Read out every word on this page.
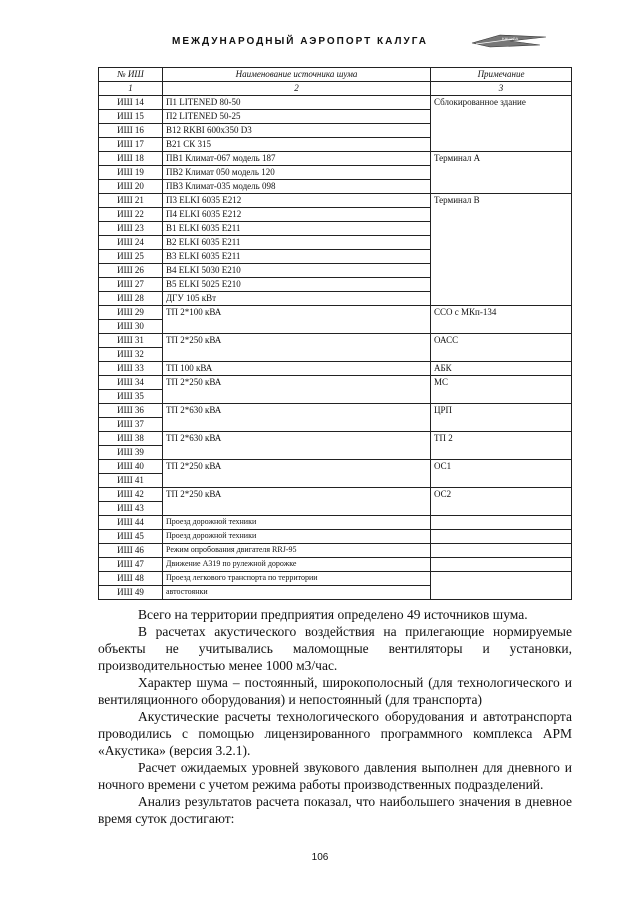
МЕЖДУНАРОДНЫЙ АЭРОПОРТ КАЛУГА	KALUGA
№ ИШ	Наименование источника шума	Примечание
1	2	3
ИШ 14	П1 LITENED 80-50	Сблокированное здание
ИШ 15	П2 LITENED 50-25	
ИШ 16	В12 RKBI 600x350 D3	
ИШ 17	В21 СК 315	
ИШ 18	ПВ1 Климат-067 модель 187	Терминал А
ИШ 19	ПВ2 Климат 050 модель 120	
ИШ 20	ПВ3 Климат-035 модель 098	
ИШ 21	П3 ELKI 6035 E212	Терминал В
ИШ 22	П4 ELKI 6035 E212	
ИШ 23	В1 ELKI 6035 E211	
ИШ 24	В2 ELKI 6035 E211	
ИШ 25	В3 ELKI 6035 E211	
ИШ 26	В4 ELKI 5030 E210	
ИШ 27	В5 ELKI 5025 E210	
ИШ 28	ДГУ 105 кВт	
ИШ 29	ТП 2*100 кВА	ССО с МКп-134
ИШ 30		
ИШ 31	ТП 2*250 кВА	ОАСС
ИШ 32		
ИШ 33	ТП 100 кВА	АБК
ИШ 34	ТП 2*250 кВА	МС
ИШ 35		
ИШ 36	ТП 2*630 кВА	ЦРП
ИШ 37		
ИШ 38	ТП 2*630 кВА	ТП 2
ИШ 39		
ИШ 40	ТП 2*250 кВА	ОС1
ИШ 41		
ИШ 42	ТП 2*250 кВА	ОС2
ИШ 43		
ИШ 44	Проезд дорожной техники	
ИШ 45	Проезд дорожной техники	
ИШ 46	Режим опробования двигателя RRJ-95	
ИШ 47	Движение А319 по рулежной дорожке	
ИШ 48	Проезд легкового транспорта по территории	
ИШ 49	автостоянки	

Всего на территории предприятия определено 49 источников шума.

В расчетах акустического воздействия на прилегающие нормируемые

объекты не учитывались маломощные вентиляторы и установки,

производительностью менее 1000 м3/час.

Характер шума – постоянный, широкополосный (для технологического и

вентиляционного оборудования) и непостоянный (для транспорта)

Акустические расчеты технологического оборудования и автотранспорта

проводились с помощью лицензированного программного комплекса АРМ

«Акустика» (версия 3.2.1).

Расчет ожидаемых уровней звукового давления выполнен для дневного и

ночного времени с учетом режима работы производственных подразделений.

Анализ результатов расчета показал, что наибольшего значения в дневное

время суток достигают:

106
